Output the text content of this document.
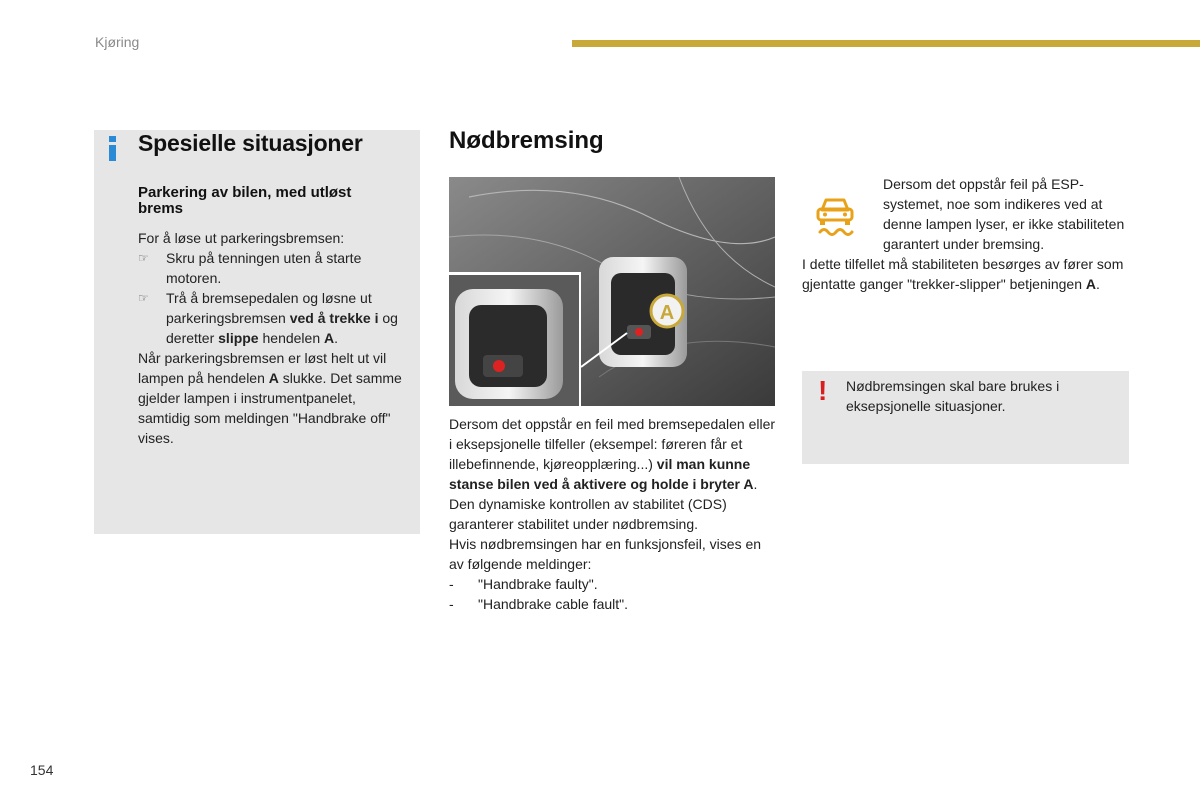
Kjøring
Spesielle situasjoner
Parkering av bilen, med utløst brems

For å løse ut parkeringsbremsen:

☞ Skru på tenningen uten å starte motoren.

☞ Trå å bremsepedalen og løsne ut parkeringsbremsen ved å trekke i og deretter slippe hendelen A.

Når parkeringsbremsen er løst helt ut vil lampen på hendelen A slukke. Det samme gjelder lampen i instrumentpanelet, samtidig som meldingen "Handbrake off" vises.

Nødbremsing
A

Dersom det oppstår en feil med bremsepedalen eller i eksepsjonelle tilfeller (eksempel: føreren får et illebefinnende, kjøreopplæring...) vil man kunne stanse bilen ved å aktivere og holde i bryter A.

Den dynamiske kontrollen av stabilitet (CDS) garanterer stabilitet under nødbremsing.

Hvis nødbremsingen har en funksjonsfeil, vises en av følgende meldinger:

- "Handbrake faulty".

- "Handbrake cable fault".

Dersom det oppstår feil på ESP-systemet, noe som indikeres ved at denne lampen lyser, er ikke stabiliteten garantert under bremsing.
I dette tilfellet må stabiliteten besørges av fører som gjentatte ganger "trekker-slipper" betjeningen A.
! Nødbremsingen skal bare brukes i eksepsjonelle situasjoner.
154
